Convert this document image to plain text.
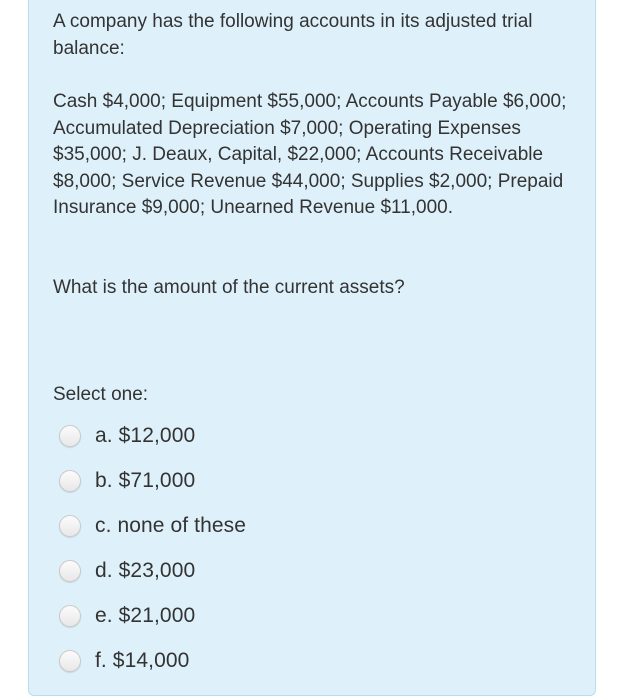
A company has the following accounts in its adjusted trial balance:

Cash $4,000; Equipment $55,000; Accounts Payable $6,000; Accumulated Depreciation $7,000; Operating Expenses $35,000; J. Deaux, Capital, $22,000; Accounts Receivable $8,000; Service Revenue $44,000; Supplies $2,000; Prepaid Insurance $9,000; Unearned Revenue $11,000.

What is the amount of the current assets?

Select one:
a. $12,000
b. $71,000
c. none of these
d. $23,000
e. $21,000
f. $14,000
